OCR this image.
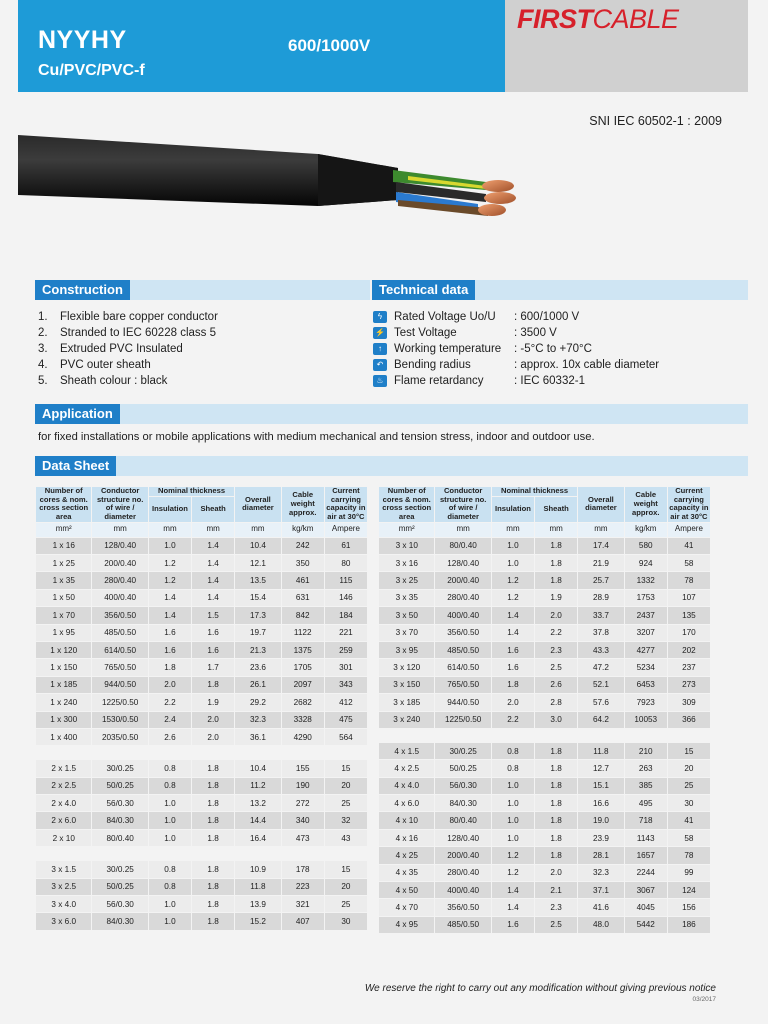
NYYHY
Cu/PVC/PVC-f
600/1000V
FIRSTCABLE
SNI IEC 60502-1 : 2009
Construction	Technical data
1.	Flexible bare copper conductor
2.	Stranded to IEC 60228 class 5
3.	Extruded PVC Insulated
4.	PVC outer sheath
5.	Sheath colour : black
ϟ	Rated Voltage Uo/U	: 600/1000 V
⚡ Test Voltage	: 3500 V
↑	Working temperature	: -5°C to +70°C
↶ Bending radius	: approx. 10x cable diameter
♨ Flame retardancy	: IEC 60332-1
Application
for fixed installations or mobile applications with medium mechanical and tension stress, indoor and outdoor use.
Data Sheet
Number of cores & nom. cross section area	Conductor structure no. of wire / diameter	Nominal thickness		Overall diameter	Cable weight approx.	Current carrying capacity in air at 30°C
		Insulation	Sheath			
mm²	mm	mm	mm	mm	kg/km	Ampere
1 x 16	128/0.40	1.0	1.4	10.4	242	61
1 x 25	200/0.40	1.2	1.4	12.1	350	80
1 x 35	280/0.40	1.2	1.4	13.5	461	115
1 x 50	400/0.40	1.4	1.4	15.4	631	146
1 x 70	356/0.50	1.4	1.5	17.3	842	184
1 x 95	485/0.50	1.6	1.6	19.7	1122	221
1 x 120	614/0.50	1.6	1.6	21.3	1375	259
1 x 150	765/0.50	1.8	1.7	23.6	1705	301
1 x 185	944/0.50	2.0	1.8	26.1	2097	343
1 x 240	1225/0.50	2.2	1.9	29.2	2682	412
1 x 300	1530/0.50	2.4	2.0	32.3	3328	475
1 x 400	2035/0.50	2.6	2.0	36.1	4290	564

2 x 1.5	30/0.25	0.8	1.8	10.4	155	15
2 x 2.5	50/0.25	0.8	1.8	11.2	190	20
2 x 4.0	56/0.30	1.0	1.8	13.2	272	25
2 x 6.0	84/0.30	1.0	1.8	14.4	340	32
2 x 10	80/0.40	1.0	1.8	16.4	473	43

3 x 1.5	30/0.25	0.8	1.8	10.9	178	15
3 x 2.5	50/0.25	0.8	1.8	11.8	223	20
3 x 4.0	56/0.30	1.0	1.8	13.9	321	25
3 x 6.0	84/0.30	1.0	1.8	15.2	407	30
Number of cores & nom. cross section area	Conductor structure no. of wire / diameter	Nominal thickness		Overall diameter	Cable weight approx.	Current carrying capacity in air at 30°C
		Insulation	Sheath			
mm²	mm	mm	mm	mm	kg/km	Ampere
3 x 10	80/0.40	1.0	1.8	17.4	580	41
3 x 16	128/0.40	1.0	1.8	21.9	924	58
3 x 25	200/0.40	1.2	1.8	25.7	1332	78
3 x 35	280/0.40	1.2	1.9	28.9	1753	107
3 x 50	400/0.40	1.4	2.0	33.7	2437	135
3 x 70	356/0.50	1.4	2.2	37.8	3207	170
3 x 95	485/0.50	1.6	2.3	43.3	4277	202
3 x 120	614/0.50	1.6	2.5	47.2	5234	237
3 x 150	765/0.50	1.8	2.6	52.1	6453	273
3 x 185	944/0.50	2.0	2.8	57.6	7923	309
3 x 240	1225/0.50	2.2	3.0	64.2	10053	366

4 x 1.5	30/0.25	0.8	1.8	11.8	210	15
4 x 2.5	50/0.25	0.8	1.8	12.7	263	20
4 x 4.0	56/0.30	1.0	1.8	15.1	385	25
4 x 6.0	84/0.30	1.0	1.8	16.6	495	30
4 x 10	80/0.40	1.0	1.8	19.0	718	41
4 x 16	128/0.40	1.0	1.8	23.9	1143	58
4 x 25	200/0.40	1.2	1.8	28.1	1657	78
4 x 35	280/0.40	1.2	2.0	32.3	2244	99
4 x 50	400/0.40	1.4	2.1	37.1	3067	124
4 x 70	356/0.50	1.4	2.3	41.6	4045	156
4 x 95	485/0.50	1.6	2.5	48.0	5442	186
We reserve the right to carry out any modification without giving previous notice
03/2017
